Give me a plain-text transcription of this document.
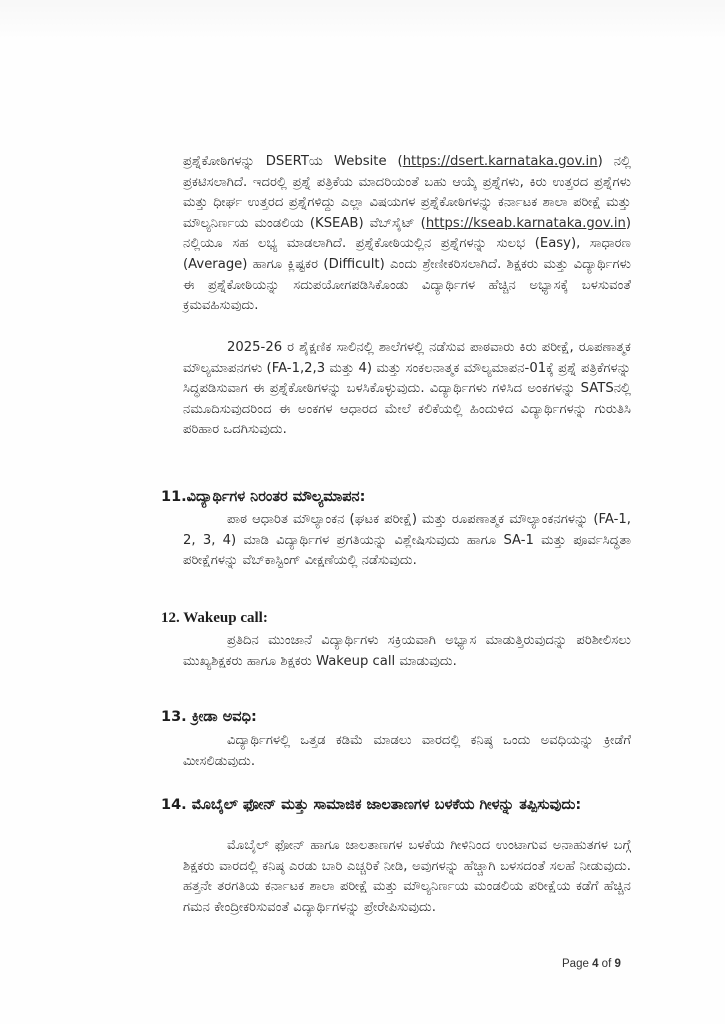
ಪ್ರಶ್ನೆಕೋಠಿಗಳನ್ನು DSERTಯ Website (https://dsert.karnataka.gov.in) ನಲ್ಲಿ ಪ್ರಕಟಿಸಲಾಗಿದೆ. ಇದರಲ್ಲಿ ಪ್ರಶ್ನೆ ಪತ್ರಿಕೆಯ ಮಾದರಿಯಂತೆ ಬಹು ಆಯ್ಕೆ ಪ್ರಶ್ನೆಗಳು, ಕಿರು ಉತ್ತರದ ಪ್ರಶ್ನೆಗಳು ಮತ್ತು ಧೀರ್ಘ ಉತ್ತರದ ಪ್ರಶ್ನೆಗಳಿದ್ದು ಎಲ್ಲಾ ವಿಷಯಗಳ ಪ್ರಶ್ನೆಕೋಠಿಗಳನ್ನು ಕರ್ನಾಟಕ ಶಾಲಾ ಪರೀಕ್ಷೆ ಮತ್ತು ಮೌಲ್ಯನಿರ್ಣಯ ಮಂಡಲಿಯ (KSEAB) ವೆಬ್‌ಸೈಟ್ (https://kseab.karnataka.gov.in) ನಲ್ಲಿಯೂ ಸಹ ಲಭ್ಯ ಮಾಡಲಾಗಿದೆ. ಪ್ರಶ್ನೆಕೋಠಿಯಲ್ಲಿನ ಪ್ರಶ್ನೆಗಳನ್ನು ಸುಲಭ (Easy), ಸಾಧಾರಣ (Average) ಹಾಗೂ ಕ್ಲಿಷ್ಟಕರ (Difficult) ಎಂದು ಶ್ರೇಣೀಕರಿಸಲಾಗಿದೆ. ಶಿಕ್ಷಕರು ಮತ್ತು ವಿದ್ಯಾರ್ಥಿಗಳು ಈ ಪ್ರಶ್ನೆಕೋಠಿಯನ್ನು ಸದುಪಯೋಗಪಡಿಸಿಕೊಂಡು ವಿದ್ಯಾರ್ಥಿಗಳ ಹೆಚ್ಚಿನ ಅಭ್ಯಾಸಕ್ಕೆ ಬಳಸುವಂತೆ ಕ್ರಮವಹಿಸುವುದು.

2025-26 ರ ಶೈಕ್ಷಣಿಕ ಸಾಲಿನಲ್ಲಿ ಶಾಲೆಗಳಲ್ಲಿ ನಡೆಸುವ ಪಾಠವಾರು ಕಿರು ಪರೀಕ್ಷೆ, ರೂಪಣಾತ್ಮಕ ಮೌಲ್ಯಮಾಪನಗಳು (FA-1,2,3 ಮತ್ತು 4) ಮತ್ತು ಸಂಕಲನಾತ್ಮಕ ಮೌಲ್ಯಮಾಪನ-01ಕ್ಕೆ ಪ್ರಶ್ನೆ ಪತ್ರಿಕೆಗಳನ್ನು ಸಿದ್ಧಪಡಿಸುವಾಗ ಈ ಪ್ರಶ್ನೆಕೋಠಿಗಳನ್ನು ಬಳಸಿಕೊಳ್ಳುವುದು. ವಿದ್ಯಾರ್ಥಿಗಳು ಗಳಿಸಿದ ಅಂಕಗಳನ್ನು SATSನಲ್ಲಿ ನಮೂದಿಸುವುದರಿಂದ ಈ ಅಂಕಗಳ ಆಧಾರದ ಮೇಲೆ ಕಲಿಕೆಯಲ್ಲಿ ಹಿಂದುಳಿದ ವಿದ್ಯಾರ್ಥಿಗಳನ್ನು ಗುರುತಿಸಿ ಪರಿಹಾರ ಒದಗಿಸುವುದು.

11.ವಿದ್ಯಾರ್ಥಿಗಳ ನಿರಂತರ ಮೌಲ್ಯಮಾಪನ:

ಪಾಠ ಆಧಾರಿತ ಮೌಲ್ಯಾಂಕನ (ಘಟಕ ಪರೀಕ್ಷೆ) ಮತ್ತು ರೂಪಣಾತ್ಮಕ ಮೌಲ್ಯಾಂಕನಗಳನ್ನು (FA-1, 2, 3, 4) ಮಾಡಿ ವಿದ್ಯಾರ್ಥಿಗಳ ಪ್ರಗತಿಯನ್ನು ವಿಶ್ಲೇಷಿಸುವುದು ಹಾಗೂ SA-1 ಮತ್ತು ಪೂರ್ವಸಿದ್ಧತಾ ಪರೀಕ್ಷೆಗಳನ್ನು ವೆಬ್‌ಕಾಸ್ಟಿಂಗ್ ವೀಕ್ಷಣೆಯಲ್ಲಿ ನಡೆಸುವುದು.

12. Wakeup call:

ಪ್ರತಿದಿನ ಮುಂಜಾನೆ ವಿದ್ಯಾರ್ಥಿಗಳು ಸಕ್ರಿಯವಾಗಿ ಅಭ್ಯಾಸ ಮಾಡುತ್ತಿರುವುದನ್ನು ಪರಿಶೀಲಿಸಲು ಮುಖ್ಯಶಿಕ್ಷಕರು ಹಾಗೂ ಶಿಕ್ಷಕರು Wakeup call ಮಾಡುವುದು.

13. ಕ್ರೀಡಾ ಅವಧಿ:

ವಿದ್ಯಾರ್ಥಿಗಳಲ್ಲಿ ಒತ್ತಡ ಕಡಿಮೆ ಮಾಡಲು ವಾರದಲ್ಲಿ ಕನಿಷ್ಠ ಒಂದು ಅವಧಿಯನ್ನು ಕ್ರೀಡೆಗೆ ಮೀಸಲಿಡುವುದು.

14. ಮೊಬೈಲ್ ಫೋನ್ ಮತ್ತು ಸಾಮಾಜಿಕ ಜಾಲತಾಣಗಳ ಬಳಕೆಯ ಗೀಳನ್ನು ತಪ್ಪಿಸುವುದು:

ಮೊಬೈಲ್ ಫೋನ್ ಹಾಗೂ ಜಾಲತಾಣಗಳ ಬಳಕೆಯ ಗೀಳಿನಿಂದ ಉಂಟಾಗುವ ಅನಾಹುತಗಳ ಬಗ್ಗೆ ಶಿಕ್ಷಕರು ವಾರದಲ್ಲಿ ಕನಿಷ್ಠ ಎರಡು ಬಾರಿ ಎಚ್ಚರಿಕೆ ನೀಡಿ, ಅವುಗಳನ್ನು ಹೆಚ್ಚಾಗಿ ಬಳಸದಂತೆ ಸಲಹೆ ನೀಡುವುದು. ಹತ್ತನೇ ತರಗತಿಯ ಕರ್ನಾಟಕ ಶಾಲಾ ಪರೀಕ್ಷೆ ಮತ್ತು ಮೌಲ್ಯನಿರ್ಣಯ ಮಂಡಲಿಯ ಪರೀಕ್ಷೆಯ ಕಡೆಗೆ ಹೆಚ್ಚಿನ ಗಮನ ಕೇಂದ್ರೀಕರಿಸುವಂತೆ ವಿದ್ಯಾರ್ಥಿಗಳನ್ನು ಪ್ರೇರೇಪಿಸುವುದು.

Page 4 of 9
